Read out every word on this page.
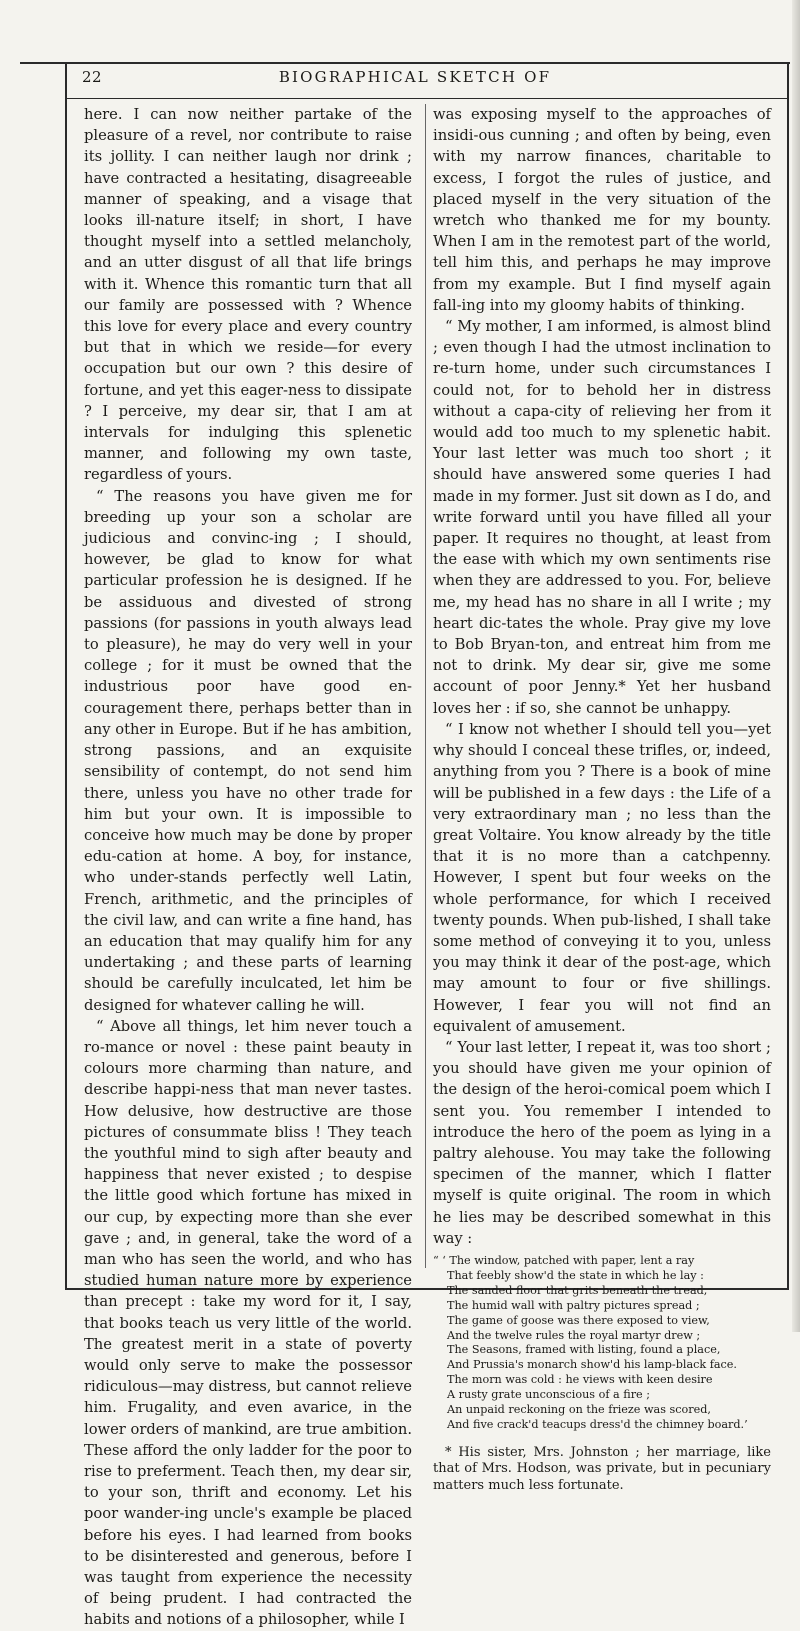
22	BIOGRAPHICAL SKETCH OF

here. I can now neither partake of the pleasure of a revel, nor contribute to raise its jollity. I can neither laugh nor drink ; have contracted a hesitating, disagreeable manner of speaking, and a visage that looks ill-nature itself; in short, I have thought myself into a settled melancholy, and an utter disgust of all that life brings with it. Whence this romantic turn that all our family are possessed with ? Whence this love for every place and every country but that in which we reside—for every occupation but our own ? this desire of fortune, and yet this eager-ness to dissipate ? I perceive, my dear sir, that I am at intervals for indulging this splenetic manner, and following my own taste, regardless of yours.

“ The reasons you have given me for breeding up your son a scholar are judicious and convinc-ing ; I should, however, be glad to know for what particular profession he is designed. If he be assiduous and divested of strong passions (for passions in youth always lead to pleasure), he may do very well in your college ; for it must be owned that the industrious poor have good en-couragement there, perhaps better than in any other in Europe. But if he has ambition, strong passions, and an exquisite sensibility of contempt, do not send him there, unless you have no other trade for him but your own. It is impossible to conceive how much may be done by proper edu-cation at home. A boy, for instance, who under-stands perfectly well Latin, French, arithmetic, and the principles of the civil law, and can write a fine hand, has an education that may qualify him for any undertaking ; and these parts of learning should be carefully inculcated, let him be designed for whatever calling he will.

“ Above all things, let him never touch a ro-mance or novel : these paint beauty in colours more charming than nature, and describe happi-ness that man never tastes. How delusive, how destructive are those pictures of consummate bliss ! They teach the youthful mind to sigh after beauty and happiness that never existed ; to despise the little good which fortune has mixed in our cup, by expecting more than she ever gave ; and, in general, take the word of a man who has seen the world, and who has studied human nature more by experience than precept : take my word for it, I say, that books teach us very little of the world. The greatest merit in a state of poverty would only serve to make the possessor ridiculous—may distress, but cannot relieve him. Frugality, and even avarice, in the lower orders of mankind, are true ambition. These afford the only ladder for the poor to rise to preferment. Teach then, my dear sir, to your son, thrift and economy. Let his poor wander-ing uncle's example be placed before his eyes. I had learned from books to be disinterested and generous, before I was taught from experience the necessity of being prudent. I had contracted the habits and notions of a philosopher, while I

was exposing myself to the approaches of insidi-ous cunning ; and often by being, even with my narrow finances, charitable to excess, I forgot the rules of justice, and placed myself in the very situation of the wretch who thanked me for my bounty. When I am in the remotest part of the world, tell him this, and perhaps he may improve from my example. But I find myself again fall-ing into my gloomy habits of thinking.

“ My mother, I am informed, is almost blind ; even though I had the utmost inclination to re-turn home, under such circumstances I could not, for to behold her in distress without a capa-city of relieving her from it would add too much to my splenetic habit. Your last letter was much too short ; it should have answered some queries I had made in my former. Just sit down as I do, and write forward until you have filled all your paper. It requires no thought, at least from the ease with which my own sentiments rise when they are addressed to you. For, believe me, my head has no share in all I write ; my heart dic-tates the whole. Pray give my love to Bob Bryan-ton, and entreat him from me not to drink. My dear sir, give me some account of poor Jenny.* Yet her husband loves her : if so, she cannot be unhappy.

“ I know not whether I should tell you—yet why should I conceal these trifles, or, indeed, anything from you ? There is a book of mine will be published in a few days : the Life of a very extraordinary man ; no less than the great Voltaire. You know already by the title that it is no more than a catchpenny. However, I spent but four weeks on the whole performance, for which I received twenty pounds. When pub-lished, I shall take some method of conveying it to you, unless you may think it dear of the post-age, which may amount to four or five shillings. However, I fear you will not find an equivalent of amusement.

“ Your last letter, I repeat it, was too short ; you should have given me your opinion of the design of the heroi-comical poem which I sent you. You remember I intended to introduce the hero of the poem as lying in a paltry alehouse. You may take the following specimen of the manner, which I flatter myself is quite original. The room in which he lies may be described somewhat in this way :

“ ‘ The window, patched with paper, lent a ray
That feebly show'd the state in which he lay :
The sanded floor that grits beneath the tread,
The humid wall with paltry pictures spread ;
The game of goose was there exposed to view,
And the twelve rules the royal martyr drew ;
The Seasons, framed with listing, found a place,
And Prussia's monarch show'd his lamp-black face.
The morn was cold : he views with keen desire
A rusty grate unconscious of a fire ;
An unpaid reckoning on the frieze was scored,
And five crack'd teacups dress'd the chimney board.’
* His sister, Mrs. Johnston ; her marriage, like that of Mrs. Hodson, was private, but in pecuniary matters much less fortunate.
